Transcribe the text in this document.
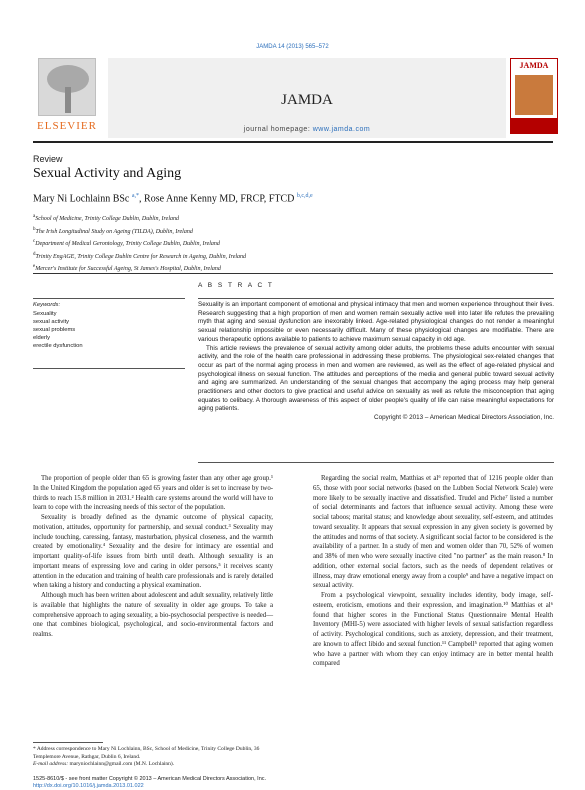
JAMDA 14 (2013) 565–572
ELSEVIER
JAMDA
journal homepage: www.jamda.com
JAMDA
Review
Sexual Activity and Aging
Mary Ni Lochlainn BSc $^{a,*}$, Rose Anne Kenny MD, FRCP, FTCD $^{b,c,d,e}$
$^a$School of Medicine, Trinity College Dublin, Dublin, Ireland
$^b$The Irish Longitudinal Study on Ageing (TILDA), Dublin, Ireland
$^c$Department of Medical Gerontology, Trinity College Dublin, Dublin, Ireland
$^d$Trinity EngAGE, Trinity College Dublin Centre for Research in Ageing, Dublin, Ireland
$^e$Mercer's Institute for Successful Ageing, St James's Hospital, Dublin, Ireland
A B S T R A C T
Keywords:
Sexuality
sexual activity
sexual problems
elderly
erectile dysfunction

Sexuality is an important component of emotional and physical intimacy that men and women experience throughout their lives. Research suggesting that a high proportion of men and women remain sexually active well into later life refutes the prevailing myth that aging and sexual dysfunction are inexorably linked. Age-related physiological changes do not render a meaningful sexual relationship impossible or even necessarily difficult. Many of these physiological changes are modifiable. There are various therapeutic options available to patients to achieve maximum sexual capacity in old age.

This article reviews the prevalence of sexual activity among older adults, the problems these adults encounter with sexual activity, and the role of the health care professional in addressing these problems. The physiological sex-related changes that occur as part of the normal aging process in men and women are reviewed, as well as the effect of age-related physical and psychological illness on sexual function. The attitudes and perceptions of the media and general public toward sexual activity and aging are summarized. An understanding of the sexual changes that accompany the aging process may help general practitioners and other doctors to give practical and useful advice on sexuality as well as refute the misconception that aging equates to celibacy. A thorough awareness of this aspect of older people's quality of life can raise meaningful expectations for aging patients.

Copyright © 2013 – American Medical Directors Association, Inc.

The proportion of people older than 65 is growing faster than any other age group.¹ In the United Kingdom the population aged 65 years and older is set to increase by two-thirds to reach 15.8 million in 2031.² Health care systems around the world will have to learn to cope with the increasing needs of this sector of the population.

Sexuality is broadly defined as the dynamic outcome of physical capacity, motivation, attitudes, opportunity for partnership, and sexual conduct.³ Sexuality may include touching, caressing, fantasy, masturbation, physical closeness, and the warmth created by emotionality.⁴ Sexuality and the desire for intimacy are essential and important quality-of-life issues from birth until death. Although sexuality is an important means of expressing love and caring in older persons,⁵ it receives scanty attention in the education and training of health care professionals and is rarely detailed when taking a history and conducting a physical examination.

Although much has been written about adolescent and adult sexuality, relatively little is available that highlights the nature of sexuality in older age groups. To take a comprehensive approach to aging sexuality, a bio-psychosocial perspective is needed—one that combines biological, psychological, and socio-environmental factors and realms.

Regarding the social realm, Matthias et al⁶ reported that of 1216 people older than 65, those with poor social networks (based on the Lubben Social Network Scale) were more likely to be sexually inactive and dissatisfied. Trudel and Piche⁷ listed a number of social determinants and factors that influence sexual activity. Among these were social taboos; marital status; and knowledge about sexuality, self-esteem, and attitudes toward sexuality. It appears that sexual expression in any given society is governed by the attitudes and norms of that society. A significant social factor to be considered is the availability of a partner. In a study of men and women older than 70, 52% of women and 38% of men who were sexually inactive cited "no partner" as the main reason.⁸ In addition, other external social factors, such as the needs of dependent relatives or illness, may draw emotional energy away from a couple⁹ and have a negative impact on sexual activity.

From a psychological viewpoint, sexuality includes identity, body image, self-esteem, eroticism, emotions and their expression, and imagination.¹⁰ Matthias et al⁶ found that higher scores in the Functional Status Questionnaire Mental Health Inventory (MHI-5) were associated with higher levels of sexual satisfaction regardless of activity. Psychological conditions, such as anxiety, depression, and their treatment, are known to affect libido and sexual function.¹¹ Campbell⁵ reported that aging women who have a partner with whom they can enjoy intimacy are in better mental health compared

* Address correspondence to Mary Ni Lochlainn, BSc, School of Medicine, Trinity College Dublin, 36 Templemore Avenue, Rathgar, Dublin 6, Ireland.
E-mail address: maryniochlainn@gmail.com (M.N. Lochlainn).
1525-8610/$ - see front matter Copyright © 2013 – American Medical Directors Association, Inc.
http://dx.doi.org/10.1016/j.jamda.2013.01.022
